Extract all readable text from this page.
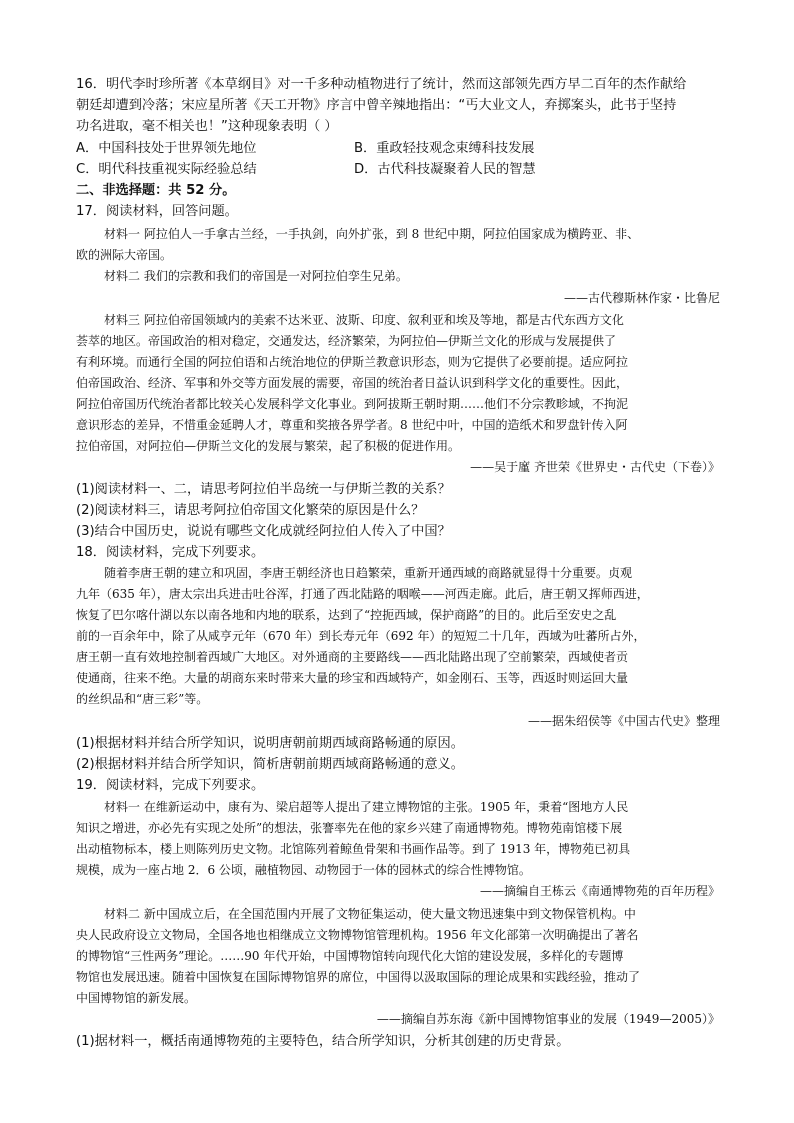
16．明代李时珍所著《本草纲目》对一千多种动植物进行了统计，然而这部领先西方早二百年的杰作献给
朝廷却遭到冷落；宋应星所著《天工开物》序言中曾辛辣地指出：“丐大业文人，弃掷案头，此书于坚持
功名进取，毫不相关也！”这种现象表明（ ）
A．中国科技处于世界领先地位	B．重政轻技观念束缚科技发展
C．明代科技重视实际经验总结	D．古代科技凝聚着人民的智慧
二、非选择题：共 52 分。
17．阅读材料，回答问题。
材料一 阿拉伯人一手拿古兰经，一手执剑，向外扩张，到 8 世纪中期，阿拉伯国家成为横跨亚、非、
欧的洲际大帝国。
材料二 我们的宗教和我们的帝国是一对阿拉伯孪生兄弟。
——古代穆斯林作家・比鲁尼
材料三 阿拉伯帝国领域内的美索不达米亚、波斯、印度、叙利亚和埃及等地，都是古代东西方文化
荟萃的地区。帝国政治的相对稳定，交通发达，经济繁荣，为阿拉伯—伊斯兰文化的形成与发展提供了
有利环境。而通行全国的阿拉伯语和占统治地位的伊斯兰教意识形态，则为它提供了必要前提。适应阿拉
伯帝国政治、经济、军事和外交等方面发展的需要，帝国的统治者日益认识到科学文化的重要性。因此，
阿拉伯帝国历代统治者都比较关心发展科学文化事业。到阿拔斯王朝时期……他们不分宗教畛域，不拘泥
意识形态的差异，不惜重金延聘人才，尊重和奖掖各界学者。8 世纪中叶，中国的造纸术和罗盘针传入阿
拉伯帝国，对阿拉伯—伊斯兰文化的发展与繁荣，起了积极的促进作用。
——吴于廑 齐世荣《世界史・古代史（下卷）》
(1)阅读材料一、二，请思考阿拉伯半岛统一与伊斯兰教的关系？
(2)阅读材料三，请思考阿拉伯帝国文化繁荣的原因是什么？
(3)结合中国历史，说说有哪些文化成就经阿拉伯人传入了中国？
18．阅读材料，完成下列要求。
随着李唐王朝的建立和巩固，李唐王朝经济也日趋繁荣，重新开通西域的商路就显得十分重要。贞观
九年（635 年），唐太宗出兵进击吐谷浑，打通了西北陆路的咽喉——河西走廊。此后，唐王朝又挥师西进，
恢复了巴尔喀什湖以东以南各地和内地的联系，达到了“控扼西域，保护商路”的目的。此后至安史之乱
前的一百余年中，除了从咸亨元年（670 年）到长寿元年（692 年）的短短二十几年，西域为吐蕃所占外，
唐王朝一直有效地控制着西域广大地区。对外通商的主要路线——西北陆路出现了空前繁荣，西域使者贡
使通商，往来不绝。大量的胡商东来时带来大量的珍宝和西域特产，如金刚石、玉等，西返时则运回大量
的丝织品和“唐三彩”等。
——据朱绍侯等《中国古代史》整理
(1)根据材料并结合所学知识，说明唐朝前期西域商路畅通的原因。
(2)根据材料并结合所学知识，简析唐朝前期西域商路畅通的意义。
19．阅读材料，完成下列要求。
材料一 在维新运动中，康有为、梁启超等人提出了建立博物馆的主张。1905 年，秉着“图地方人民
知识之增进，亦必先有实现之处所”的想法，张謇率先在他的家乡兴建了南通博物苑。博物苑南馆楼下展
出动植物标本，楼上则陈列历史文物。北馆陈列着鲸鱼骨架和书画作品等。到了 1913 年，博物苑已初具
规模，成为一座占地 2．6 公顷，融植物园、动物园于一体的园林式的综合性博物馆。
——摘编自王栋云《南通博物苑的百年历程》
材料二 新中国成立后，在全国范围内开展了文物征集运动，使大量文物迅速集中到文物保管机构。中
央人民政府设立文物局，全国各地也相继成立文物博物馆管理机构。1956 年文化部第一次明确提出了著名
的博物馆“三性两务”理论。……90 年代开始，中国博物馆转向现代化大馆的建设发展，多样化的专题博
物馆也发展迅速。随着中国恢复在国际博物馆界的席位，中国得以汲取国际的理论成果和实践经验，推动了
中国博物馆的新发展。
——摘编自苏东海《新中国博物馆事业的发展（1949—2005）》
(1)据材料一，概括南通博物苑的主要特色，结合所学知识，分析其创建的历史背景。
